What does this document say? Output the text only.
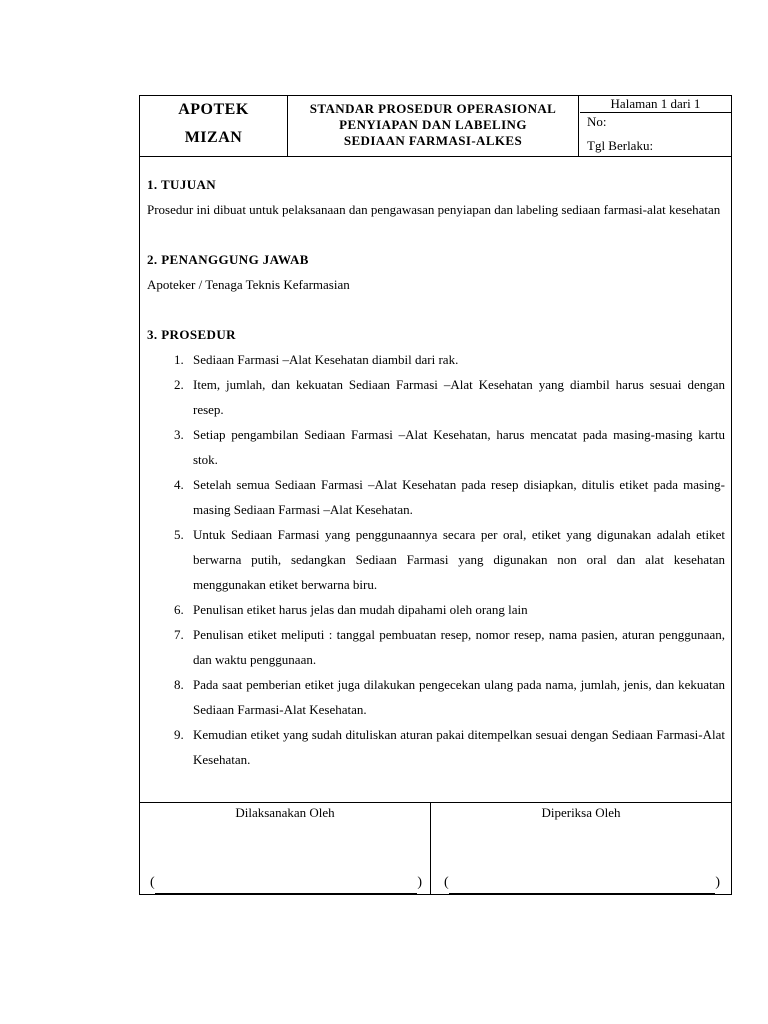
APOTEK
MIZAN
STANDAR PROSEDUR OPERASIONAL
PENYIAPAN DAN LABELING
SEDIAAN FARMASI-ALKES
Halaman 1 dari 1
No:
Tgl Berlaku:
1. TUJUAN
Prosedur ini dibuat untuk pelaksanaan dan pengawasan penyiapan dan labeling sediaan farmasi-alat kesehatan
2. PENANGGUNG JAWAB
Apoteker / Tenaga Teknis Kefarmasian
3. PROSEDUR
1. Sediaan Farmasi –Alat Kesehatan diambil dari rak.
2. Item, jumlah, dan kekuatan Sediaan Farmasi –Alat Kesehatan yang diambil harus sesuai dengan resep.
3. Setiap pengambilan Sediaan Farmasi –Alat Kesehatan, harus mencatat pada masing-masing kartu stok.
4. Setelah semua Sediaan Farmasi –Alat Kesehatan pada resep disiapkan, ditulis etiket pada masing-masing Sediaan Farmasi –Alat Kesehatan.
5. Untuk Sediaan Farmasi yang penggunaannya secara per oral, etiket yang digunakan adalah etiket berwarna putih, sedangkan Sediaan Farmasi yang digunakan non oral dan alat kesehatan menggunakan etiket berwarna biru.
6. Penulisan etiket harus jelas dan mudah dipahami oleh orang lain
7. Penulisan etiket meliputi : tanggal pembuatan resep, nomor resep, nama pasien, aturan penggunaan, dan waktu penggunaan.
8. Pada saat pemberian etiket juga dilakukan pengecekan ulang pada nama, jumlah, jenis, dan kekuatan Sediaan Farmasi-Alat Kesehatan.
9. Kemudian etiket yang sudah dituliskan aturan pakai ditempelkan sesuai dengan Sediaan Farmasi-Alat Kesehatan.
Dilaksanakan Oleh
(	)
Diperiksa Oleh
(	)
